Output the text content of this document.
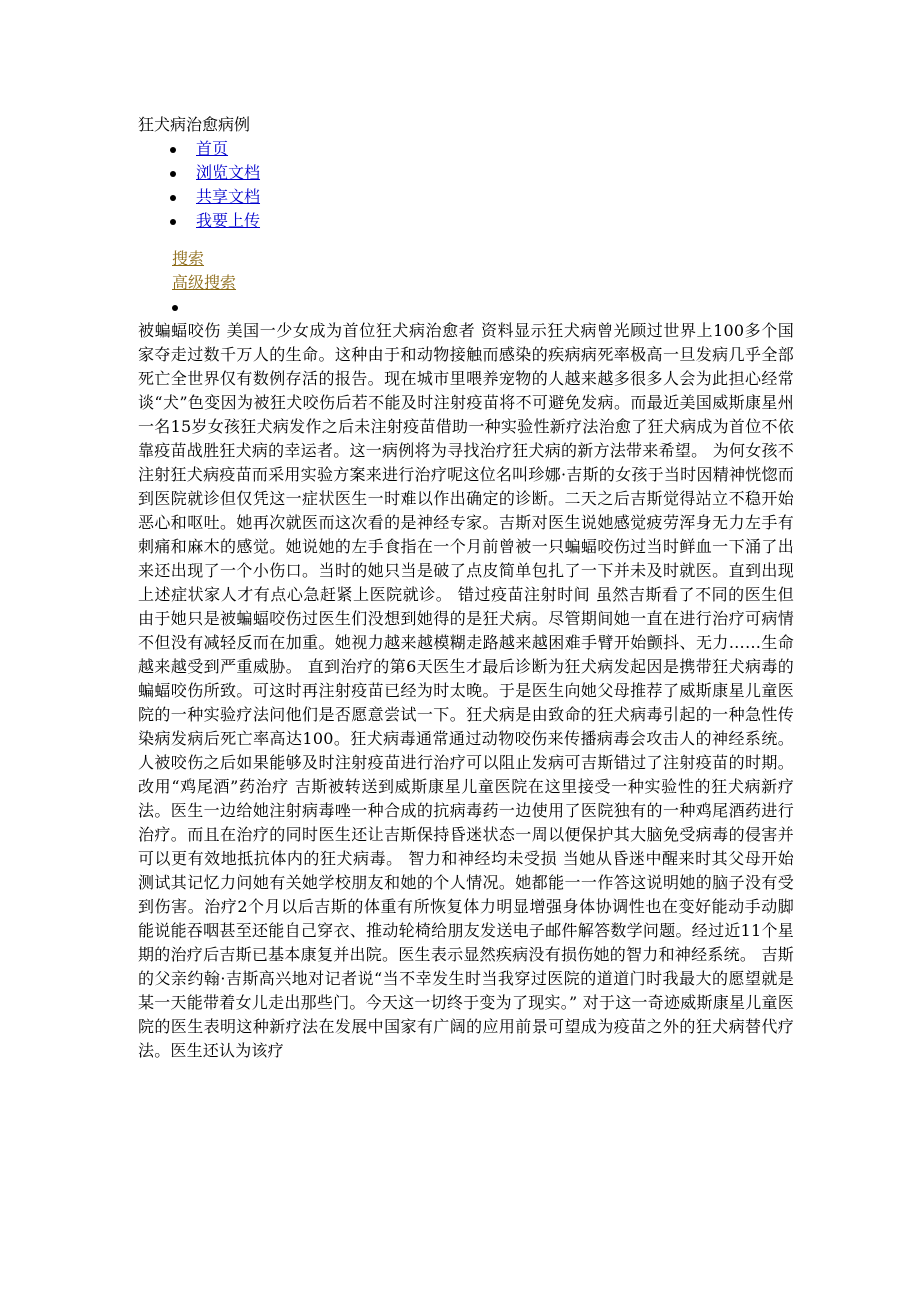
狂犬病治愈病例
首页
浏览文档
共享文档
我要上传
搜索
高级搜索

被蝙蝠咬伤 美国一少女成为首位狂犬病治愈者 资料显示狂犬病曾光顾过世界上100多个国家夺走过数千万人的生命。这种由于和动物接触而感染的疾病病死率极高一旦发病几乎全部死亡全世界仅有数例存活的报告。现在城市里喂养宠物的人越来越多很多人会为此担心经常谈“犬”色变因为被狂犬咬伤后若不能及时注射疫苗将不可避免发病。而最近美国威斯康星州一名15岁女孩狂犬病发作之后未注射疫苗借助一种实验性新疗法治愈了狂犬病成为首位不依靠疫苗战胜狂犬病的幸运者。这一病例将为寻找治疗狂犬病的新方法带来希望。 为何女孩不注射狂犬病疫苗而采用实验方案来进行治疗呢这位名叫珍娜·吉斯的女孩于当时因精神恍惚而到医院就诊但仅凭这一症状医生一时难以作出确定的诊断。二天之后吉斯觉得站立不稳开始恶心和呕吐。她再次就医而这次看的是神经专家。吉斯对医生说她感觉疲劳浑身无力左手有刺痛和麻木的感觉。她说她的左手食指在一个月前曾被一只蝙蝠咬伤过当时鲜血一下涌了出来还出现了一个小伤口。当时的她只当是破了点皮简单包扎了一下并未及时就医。直到出现上述症状家人才有点心急赶紧上医院就诊。 错过疫苗注射时间 虽然吉斯看了不同的医生但由于她只是被蝙蝠咬伤过医生们没想到她得的是狂犬病。尽管期间她一直在进行治疗可病情不但没有减轻反而在加重。她视力越来越模糊走路越来越困难手臂开始颤抖、无力……生命越来越受到严重威胁。 直到治疗的第6天医生才最后诊断为狂犬病发起因是携带狂犬病毒的蝙蝠咬伤所致。可这时再注射疫苗已经为时太晚。于是医生向她父母推荐了威斯康星儿童医院的一种实验疗法问他们是否愿意尝试一下。狂犬病是由致命的狂犬病毒引起的一种急性传染病发病后死亡率高达100。狂犬病毒通常通过动物咬伤来传播病毒会攻击人的神经系统。人被咬伤之后如果能够及时注射疫苗进行治疗可以阻止发病可吉斯错过了注射疫苗的时期。 改用“鸡尾酒”药治疗 吉斯被转送到威斯康星儿童医院在这里接受一种实验性的狂犬病新疗法。医生一边给她注射病毒唑一种合成的抗病毒药一边使用了医院独有的一种鸡尾酒药进行治疗。而且在治疗的同时医生还让吉斯保持昏迷状态一周以便保护其大脑免受病毒的侵害并可以更有效地抵抗体内的狂犬病毒。 智力和神经均未受损 当她从昏迷中醒来时其父母开始测试其记忆力问她有关她学校朋友和她的个人情况。她都能一一作答这说明她的脑子没有受到伤害。治疗2个月以后吉斯的体重有所恢复体力明显增强身体协调性也在变好能动手动脚能说能吞咽甚至还能自己穿衣、推动轮椅给朋友发送电子邮件解答数学问题。经过近11个星期的治疗后吉斯已基本康复并出院。医生表示显然疾病没有损伤她的智力和神经系统。 吉斯的父亲约翰·吉斯高兴地对记者说“当不幸发生时当我穿过医院的道道门时我最大的愿望就是某一天能带着女儿走出那些门。今天这一切终于变为了现实。” 对于这一奇迹威斯康星儿童医院的医生表明这种新疗法在发展中国家有广阔的应用前景可望成为疫苗之外的狂犬病替代疗法。医生还认为该疗
